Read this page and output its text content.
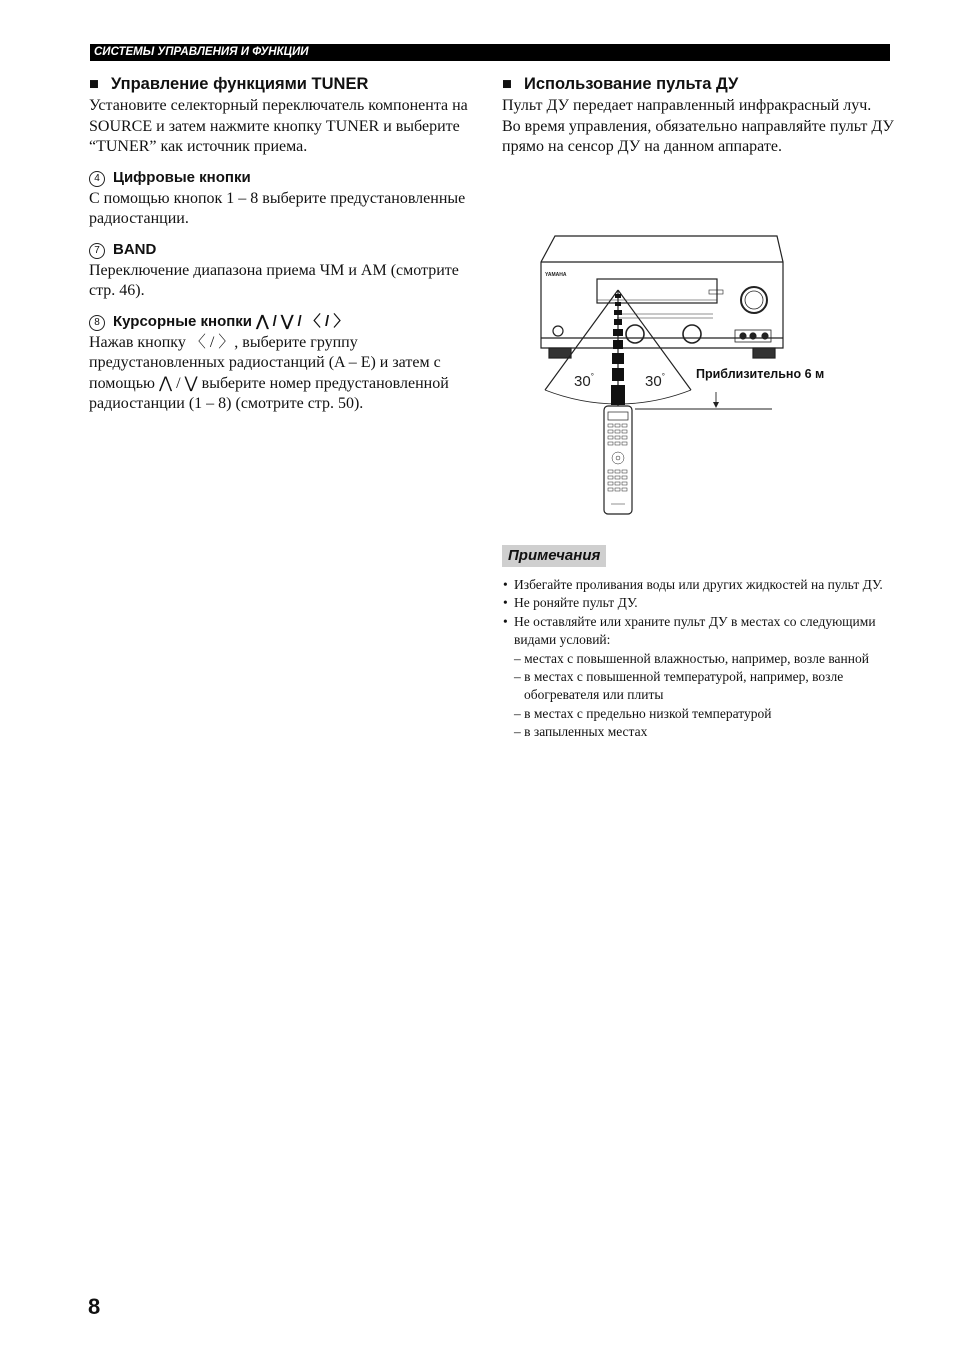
СИСТЕМЫ УПРАВЛЕНИЯ И ФУНКЦИИ
■ Управление функциями TUNER

Установите селекторный переключатель компонента на SOURCE и затем нажмите кнопку TUNER и выберите “TUNER” как источник приема.

4 Цифровые кнопки

С помощью кнопок 1 – 8 выберите предустановленные радиостанции.

7 BAND

Переключение диапазона приема ЧМ и АМ (смотрите стр. 46).

8 Курсорные кнопки ⋀ / ⋁ / 〈 / 〉

Нажав кнопку 〈 / 〉, выберите группу предустановленных радиостанций (A – E) и затем с помощью ⋀ / ⋁ выберите номер предустановленной радиостанции (1 – 8) (смотрите стр. 50).

■ Использование пульта ДУ

Пульт ДУ передает направленный инфракрасный луч.

Во время управления, обязательно направляйте пульт ДУ прямо на сенсор ДУ на данном аппарате.

YAMAHA
30°	30° Приблизительно 6 м
Примечания
• Избегайте проливания воды или других жидкостей на пульт ДУ.
• Не роняйте пульт ДУ.
• Не оставляйте или храните пульт ДУ в местах со следующими видами условий:
– местах с повышенной влажностью, например, возле ванной
– в местах с повышенной температурой, например, возле обогревателя или плиты
– в местах с предельно низкой температурой
– в запыленных местах
8
